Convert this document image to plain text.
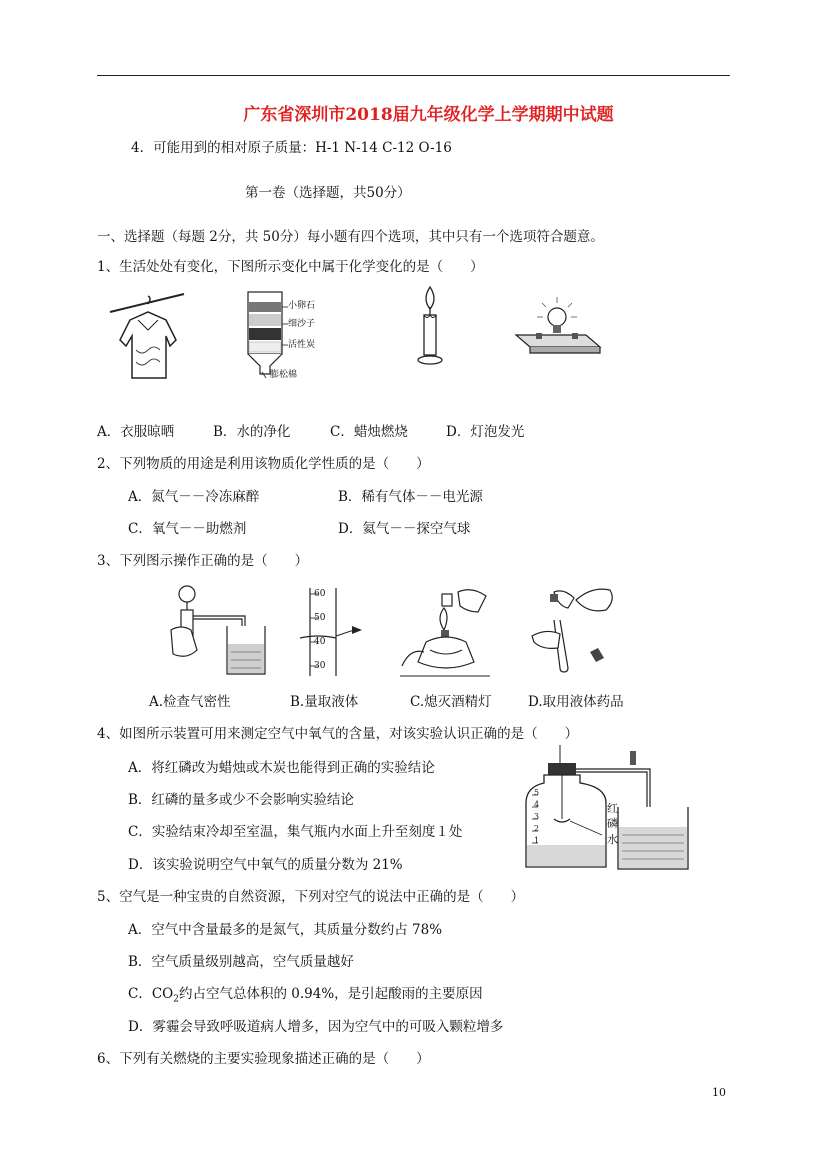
广东省深圳市2018届九年级化学上学期期中试题
4．可能用到的相对原子质量：H-1 N-14 C-12 O-16
第一卷（选择题，共50分）
一、选择题（每题 2分，共 50分）每小题有四个选项，其中只有一个选项符合题意。
1、生活处处有变化，下图所示变化中属于化学变化的是（　　）
小卵石
细沙子
活性炭
膨松棉
A．衣服晾晒	B．水的净化	C．蜡烛燃烧	D．灯泡发光
2、下列物质的用途是利用该物质化学性质的是（　　）
A．氮气－－冷冻麻醉	B．稀有气体－－电光源
C．氧气－－助燃剂	D．氦气－－探空气球
3、下列图示操作正确的是（　　）
60
50
40
30
A.检查气密性	B.量取液体	C.熄灭酒精灯	D.取用液体药品
4、如图所示装置可用来测定空气中氧气的含量，对该实验认识正确的是（　　）
A．将红磷改为蜡烛或木炭也能得到正确的实验结论
B．红磷的量多或少不会影响实验结论
C．实验结束冷却至室温，集气瓶内水面上升至刻度１处
D．该实验说明空气中氧气的质量分数为 21%
5
4
3
2
1
红磷
水
5、空气是一种宝贵的自然资源，下列对空气的说法中正确的是（　　）
A．空气中含量最多的是氮气，其质量分数约占 78%
B．空气质量级别越高，空气质量越好
C．$CO_2$约占空气总体积的 0.94%，是引起酸雨的主要原因
D．雾霾会导致呼吸道病人增多，因为空气中的可吸入颗粒增多
6、下列有关燃烧的主要实验现象描述正确的是（　　）
10
